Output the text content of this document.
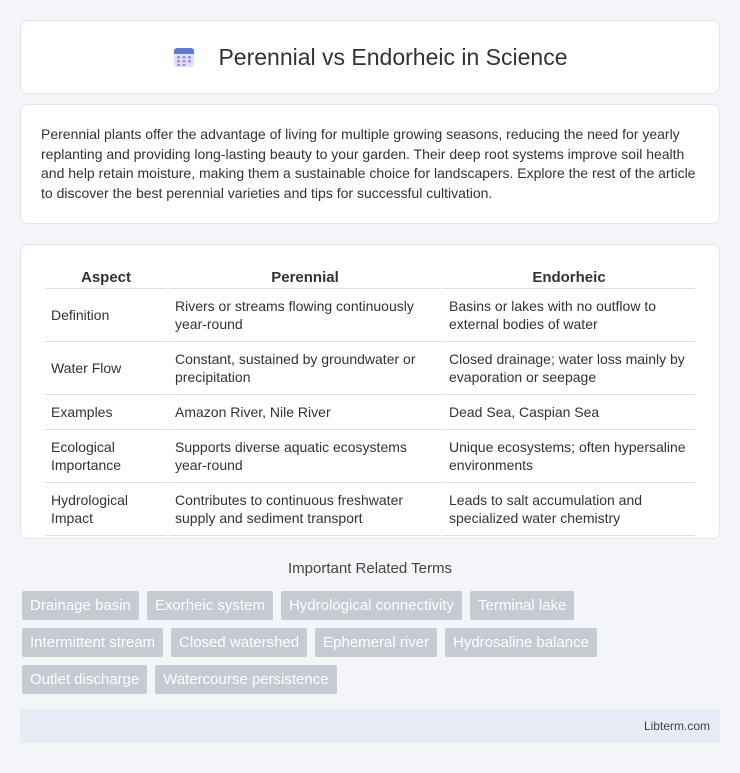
Perennial vs Endorheic in Science

Perennial plants offer the advantage of living for multiple growing seasons, reducing the need for yearly replanting and providing long-lasting beauty to your garden. Their deep root systems improve soil health and help retain moisture, making them a sustainable choice for landscapers. Explore the rest of the article to discover the best perennial varieties and tips for successful cultivation.

Aspect	Perennial	Endorheic
Definition	Rivers or streams flowing continuously year-round	Basins or lakes with no outflow to external bodies of water
Water Flow	Constant, sustained by groundwater or precipitation	Closed drainage; water loss mainly by evaporation or seepage
Examples	Amazon River, Nile River	Dead Sea, Caspian Sea
Ecological Importance	Supports diverse aquatic ecosystems year-round	Unique ecosystems; often hypersaline environments
Hydrological Impact	Contributes to continuous freshwater supply and sediment transport	Leads to salt accumulation and specialized water chemistry
Important Related Terms
Drainage basin	Exorheic system	Hydrological connectivity	Terminal lake
Intermittent stream	Closed watershed	Ephemeral river	Hydrosaline balance
Outlet discharge	Watercourse persistence
Libterm.com
